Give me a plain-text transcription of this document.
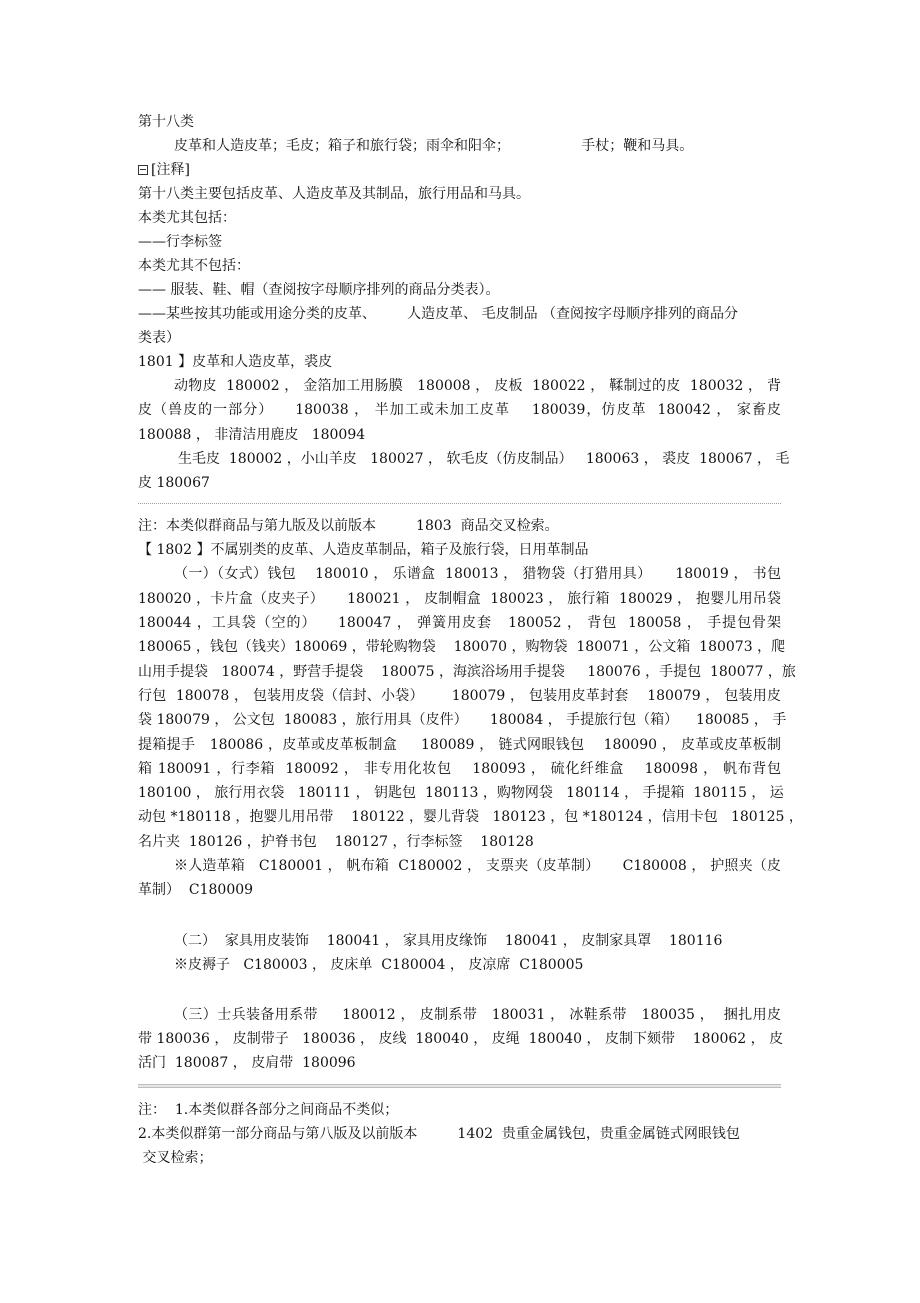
第十八类
皮革和人造皮革；毛皮；箱子和旅行袋；雨伞和阳伞；                手杖；鞭和马具。
[注释]
第十八类主要包括皮革、人造皮革及其制品，旅行用品和马具。
本类尤其包括：
——行李标签
本类尤其不包括：
—— 服装、鞋、帽（查阅按字母顺序排列的商品分类表）。
——某些按其功能或用途分类的皮革、       人造皮革、 毛皮制品 （查阅按字母顺序排列的商品分
类表）
1801 】皮革和人造皮革，裘皮
动物皮  180002 ， 金箔加工用肠膜   180008 ， 皮板  180022 ， 鞣制过的皮  180032 ， 背
皮（兽皮的一部分）    180038 ， 半加工或未加工皮革    180039，仿皮革  180042 ， 家畜皮
180088 ， 非清洁用鹿皮   180094
生毛皮  180002 ，小山羊皮   180027 ， 软毛皮（仿皮制品）   180063 ， 裘皮  180067 ， 毛
皮 180067
注：本类似群商品与第九版及以前版本         1803  商品交叉检索。
【 1802 】不属别类的皮革、人造皮革制品，箱子及旅行袋，日用革制品
（一）（女式）钱包    180010 ， 乐谱盒  180013 ， 猎物袋（打猎用具）     180019 ， 书包
180020 ，卡片盒（皮夹子）     180021 ， 皮制帽盒  180023 ， 旅行箱  180029 ， 抱婴儿用吊袋
180044 ，工具袋（空的）    180047 ， 弹簧用皮套   180052 ， 背包  180058 ， 手提包骨架
180065 ，钱包（钱夹）180069 ，带轮购物袋    180070 ，购物袋  180071 ，公文箱  180073 ，爬
山用手提袋   180074 ，野营手提袋    180075 ，海滨浴场用手提袋     180076 ，手提包  180077 ，旅
行包  180078 ， 包装用皮袋（信封、小袋）      180079 ， 包装用皮革封套    180079 ， 包装用皮
袋 180079 ， 公文包  180083 ，旅行用具（皮件）     180084 ， 手提旅行包（箱）    180085 ， 手
提箱提手   180086 ，皮革或皮革板制盒     180089 ， 链式网眼钱包    180090 ， 皮革或皮革板制
箱 180091 ，行李箱  180092 ， 非专用化妆包    180093 ， 硫化纤维盒    180098 ， 帆布背包
180100 ， 旅行用衣袋   180111 ， 钥匙包  180113 ，购物网袋   180114 ， 手提箱  180115 ， 运
动包 *180118 ，抱婴儿用吊带    180122 ，婴儿背袋   180123 ，包 *180124 ，信用卡包   180125 ，
名片夹  180126 ，护脊书包    180127 ，行李标签    180128
※人造革箱   C180001 ， 帆布箱  C180002 ， 支票夹（皮革制）     C180008 ， 护照夹（皮
革制）  C180009
（二）  家具用皮装饰    180041 ， 家具用皮缘饰    180041 ， 皮制家具罩    180116
※皮褥子   C180003 ， 皮床单  C180004 ， 皮凉席  C180005
（三）士兵装备用系带     180012 ， 皮制系带   180031 ， 冰鞋系带   180035 ，  捆扎用皮
带 180036 ， 皮制带子   180036 ， 皮线  180040 ， 皮绳  180040 ， 皮制下颏带    180062 ， 皮
活门  180087 ， 皮肩带  180096
注：  1.本类似群各部分之间商品不类似；
2.本类似群第一部分商品与第八版及以前版本         1402  贵重金属钱包，贵重金属链式网眼钱包
交叉检索；
